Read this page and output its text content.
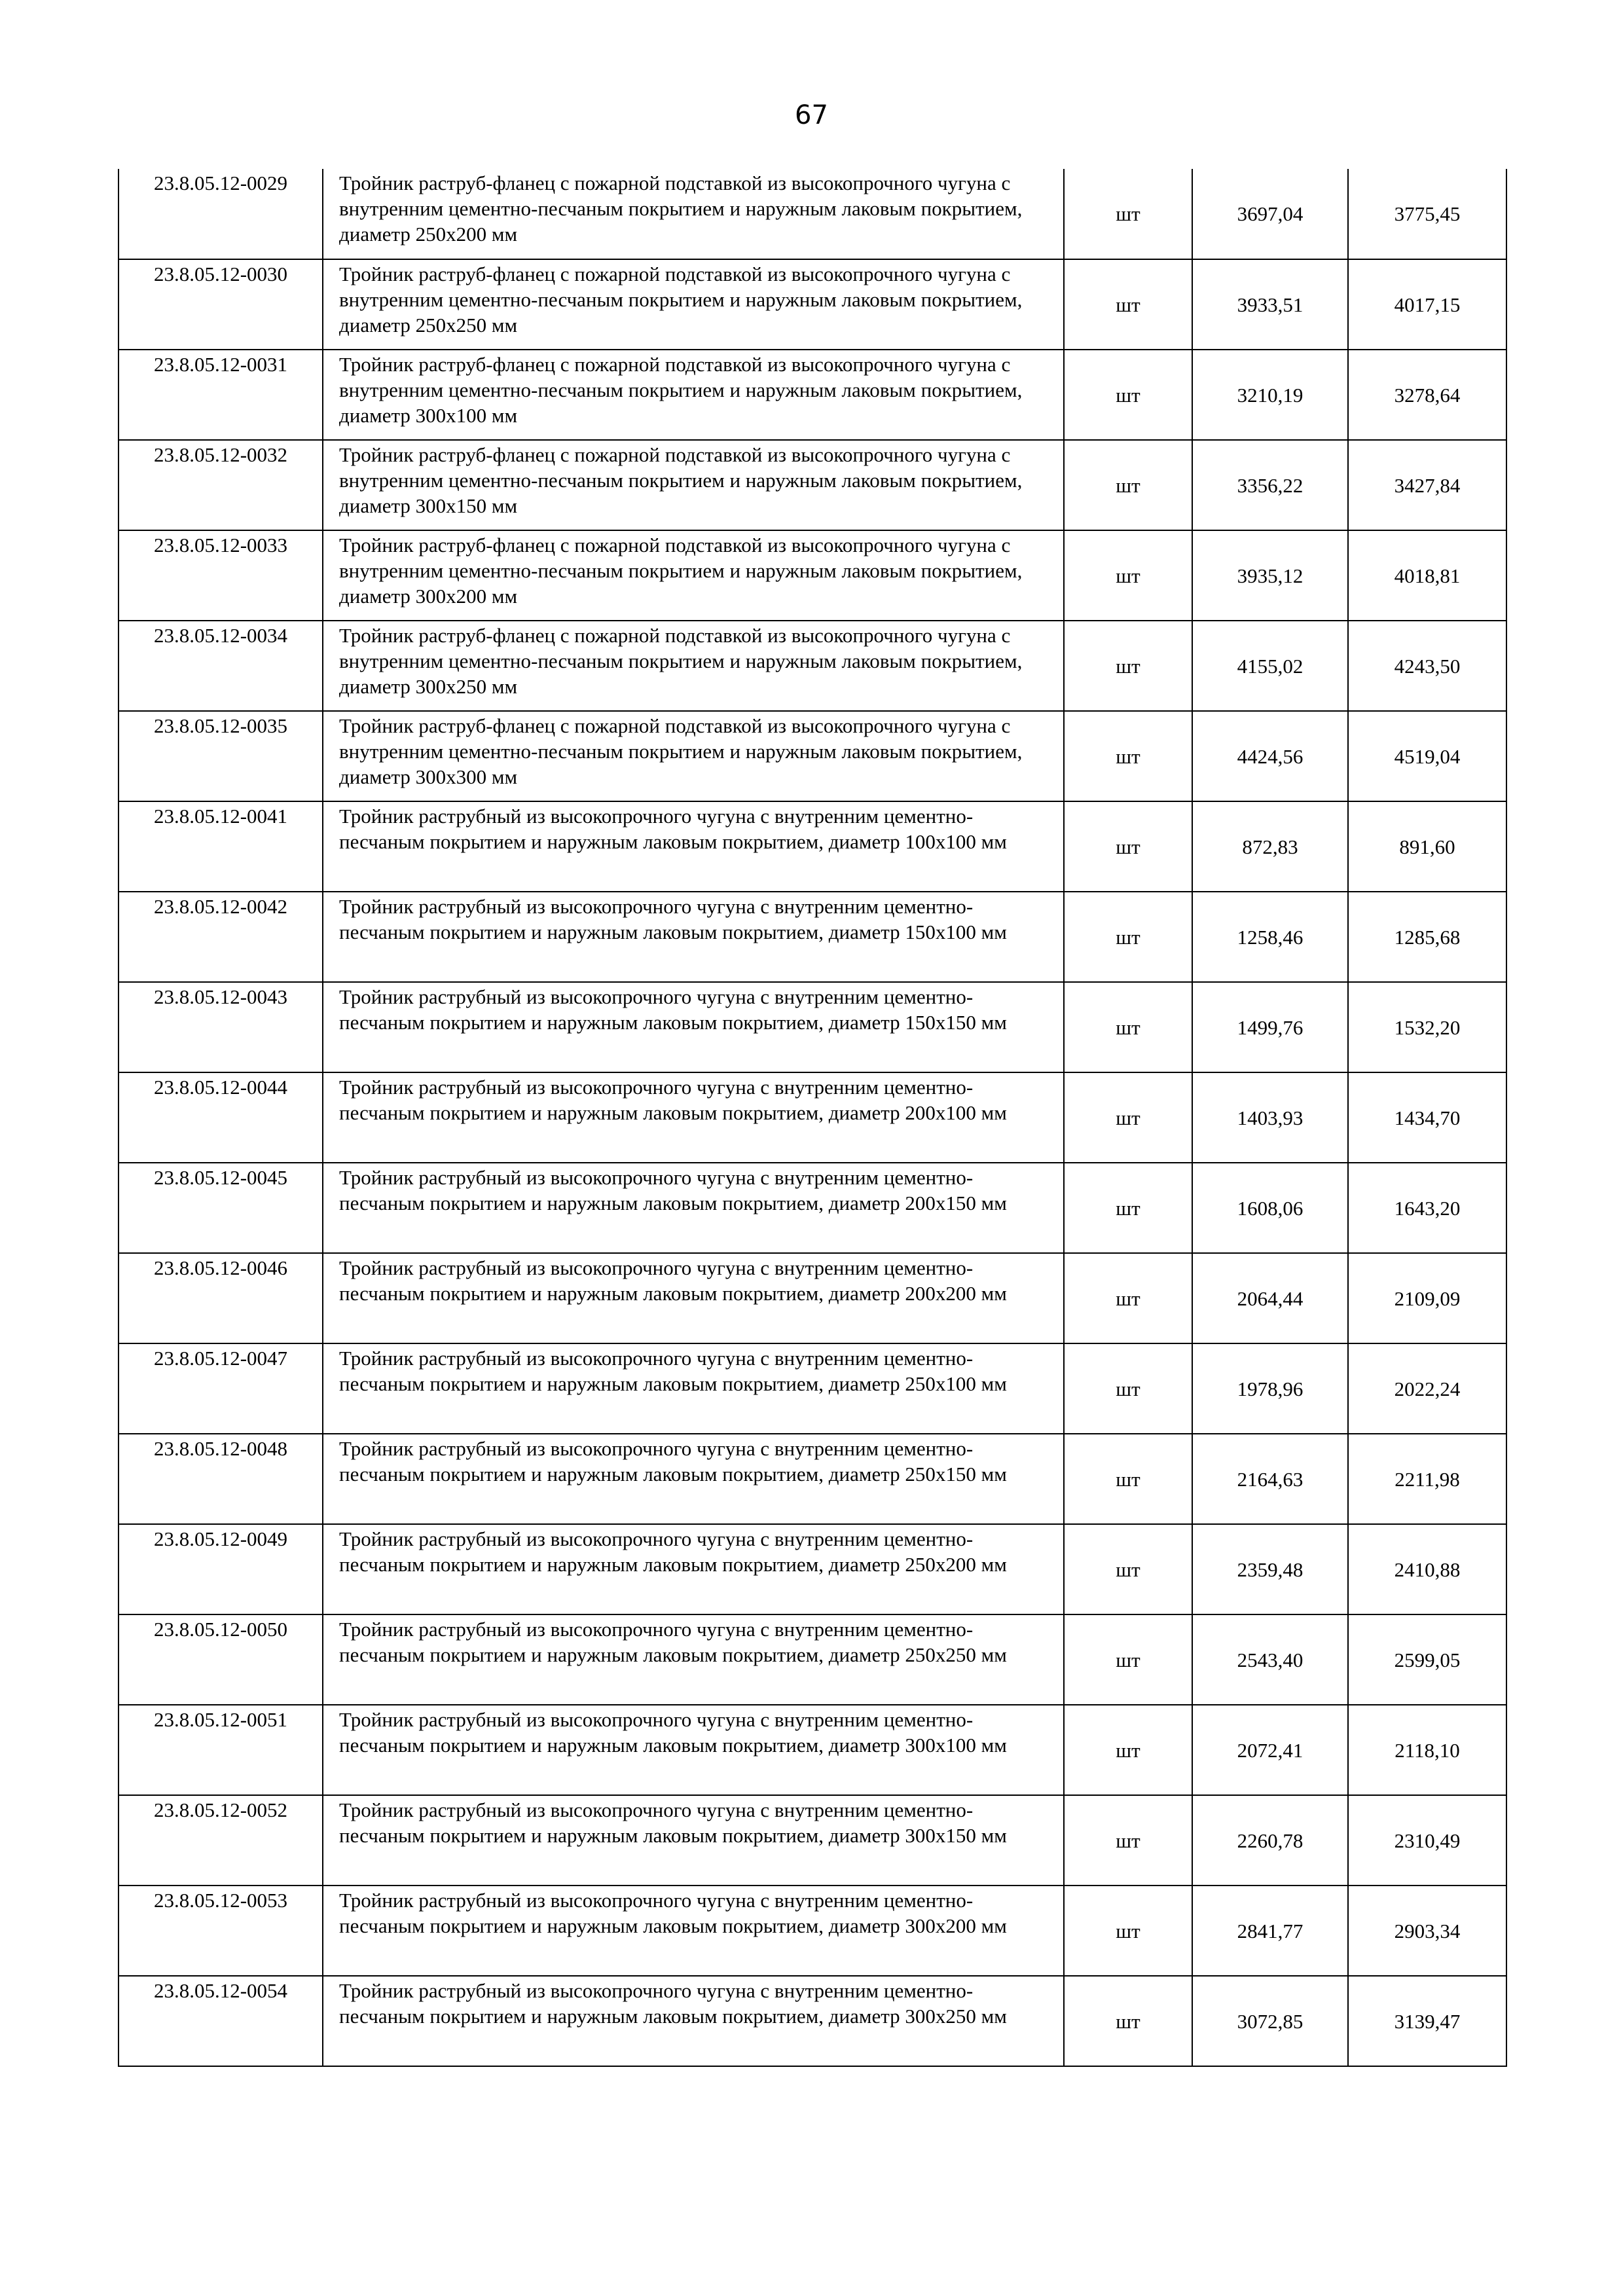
67
23.8.05.12-0029	Тройник раструб-фланец с пожарной подставкой из высокопрочного чугуна с внутренним цементно-песчаным покрытием и наружным лаковым покрытием, диаметр 250х200 мм	шт	3697,04	3775,45
23.8.05.12-0030	Тройник раструб-фланец с пожарной подставкой из высокопрочного чугуна с внутренним цементно-песчаным покрытием и наружным лаковым покрытием, диаметр 250х250 мм	шт	3933,51	4017,15
23.8.05.12-0031	Тройник раструб-фланец с пожарной подставкой из высокопрочного чугуна с внутренним цементно-песчаным покрытием и наружным лаковым покрытием, диаметр 300х100 мм	шт	3210,19	3278,64
23.8.05.12-0032	Тройник раструб-фланец с пожарной подставкой из высокопрочного чугуна с внутренним цементно-песчаным покрытием и наружным лаковым покрытием, диаметр 300х150 мм	шт	3356,22	3427,84
23.8.05.12-0033	Тройник раструб-фланец с пожарной подставкой из высокопрочного чугуна с внутренним цементно-песчаным покрытием и наружным лаковым покрытием, диаметр 300х200 мм	шт	3935,12	4018,81
23.8.05.12-0034	Тройник раструб-фланец с пожарной подставкой из высокопрочного чугуна с внутренним цементно-песчаным покрытием и наружным лаковым покрытием, диаметр 300х250 мм	шт	4155,02	4243,50
23.8.05.12-0035	Тройник раструб-фланец с пожарной подставкой из высокопрочного чугуна с внутренним цементно-песчаным покрытием и наружным лаковым покрытием, диаметр 300х300 мм	шт	4424,56	4519,04
23.8.05.12-0041	Тройник раструбный из высокопрочного чугуна с внутренним цементно-песчаным покрытием и наружным лаковым покрытием, диаметр 100х100 мм	шт	872,83	891,60
23.8.05.12-0042	Тройник раструбный из высокопрочного чугуна с внутренним цементно-песчаным покрытием и наружным лаковым покрытием, диаметр 150х100 мм	шт	1258,46	1285,68
23.8.05.12-0043	Тройник раструбный из высокопрочного чугуна с внутренним цементно-песчаным покрытием и наружным лаковым покрытием, диаметр 150х150 мм	шт	1499,76	1532,20
23.8.05.12-0044	Тройник раструбный из высокопрочного чугуна с внутренним цементно-песчаным покрытием и наружным лаковым покрытием, диаметр 200х100 мм	шт	1403,93	1434,70
23.8.05.12-0045	Тройник раструбный из высокопрочного чугуна с внутренним цементно-песчаным покрытием и наружным лаковым покрытием, диаметр 200х150 мм	шт	1608,06	1643,20
23.8.05.12-0046	Тройник раструбный из высокопрочного чугуна с внутренним цементно-песчаным покрытием и наружным лаковым покрытием, диаметр 200х200 мм	шт	2064,44	2109,09
23.8.05.12-0047	Тройник раструбный из высокопрочного чугуна с внутренним цементно-песчаным покрытием и наружным лаковым покрытием, диаметр 250х100 мм	шт	1978,96	2022,24
23.8.05.12-0048	Тройник раструбный из высокопрочного чугуна с внутренним цементно-песчаным покрытием и наружным лаковым покрытием, диаметр 250х150 мм	шт	2164,63	2211,98
23.8.05.12-0049	Тройник раструбный из высокопрочного чугуна с внутренним цементно-песчаным покрытием и наружным лаковым покрытием, диаметр 250х200 мм	шт	2359,48	2410,88
23.8.05.12-0050	Тройник раструбный из высокопрочного чугуна с внутренним цементно-песчаным покрытием и наружным лаковым покрытием, диаметр 250х250 мм	шт	2543,40	2599,05
23.8.05.12-0051	Тройник раструбный из высокопрочного чугуна с внутренним цементно-песчаным покрытием и наружным лаковым покрытием, диаметр 300х100 мм	шт	2072,41	2118,10
23.8.05.12-0052	Тройник раструбный из высокопрочного чугуна с внутренним цементно-песчаным покрытием и наружным лаковым покрытием, диаметр 300х150 мм	шт	2260,78	2310,49
23.8.05.12-0053	Тройник раструбный из высокопрочного чугуна с внутренним цементно-песчаным покрытием и наружным лаковым покрытием, диаметр 300х200 мм	шт	2841,77	2903,34
23.8.05.12-0054	Тройник раструбный из высокопрочного чугуна с внутренним цементно-песчаным покрытием и наружным лаковым покрытием, диаметр 300х250 мм	шт	3072,85	3139,47
